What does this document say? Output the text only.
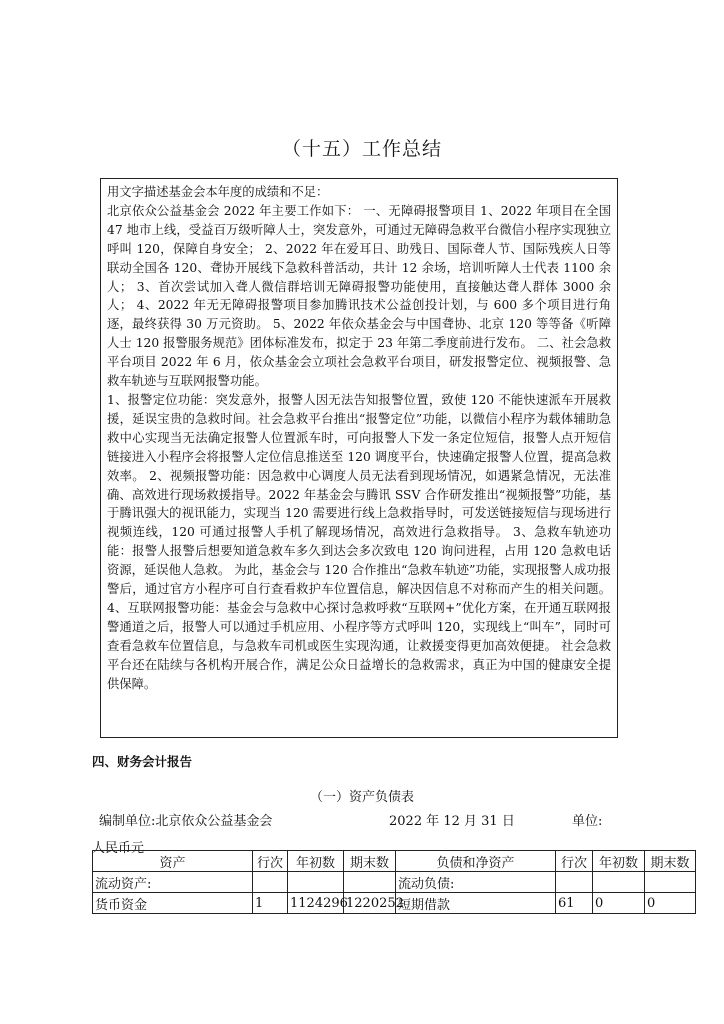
（十五）工作总结

用文字描述基金会本年度的成绩和不足：

北京依众公益基金会 2022 年主要工作如下： 一、无障碍报警项目 1、2022 年项目在全国 47 地市上线，受益百万级听障人士，突发意外，可通过无障碍急救平台微信小程序实现独立呼叫 120，保障自身安全； 2、2022 年在爱耳日、助残日、国际聋人节、国际残疾人日等联动全国各 120、聋协开展线下急救科普活动，共计 12 余场，培训听障人士代表 1100 余人； 3、首次尝试加入聋人微信群培训无障碍报警功能使用，直接触达聋人群体 3000 余人； 4、2022 年无无障碍报警项目参加腾讯技术公益创投计划，与 600 多个项目进行角逐，最终获得 30 万元资助。 5、2022 年依众基金会与中国聋协、北京 120 等等备《听障人士 120 报警服务规范》团体标准发布，拟定于 23 年第二季度前进行发布。 二、社会急救平台项目 2022 年 6 月，依众基金会立项社会急救平台项目，研发报警定位、视频报警、急救车轨迹与互联网报警功能。

1、报警定位功能：突发意外，报警人因无法告知报警位置，致使 120 不能快速派车开展救援，延误宝贵的急救时间。社会急救平台推出“报警定位”功能，以微信小程序为载体辅助急救中心实现当无法确定报警人位置派车时，可向报警人下发一条定位短信，报警人点开短信链接进入小程序会将报警人定位信息推送至 120 调度平台，快速确定报警人位置，提高急救效率。 2、视频报警功能：因急救中心调度人员无法看到现场情况，如遇紧急情况，无法准确、高效进行现场救援指导。2022 年基金会与腾讯 SSV 合作研发推出“视频报警”功能，基于腾讯强大的视讯能力，实现当 120 需要进行线上急救指导时，可发送链接短信与现场进行视频连线，120 可通过报警人手机了解现场情况，高效进行急救指导。 3、急救车轨迹功能：报警人报警后想要知道急救车多久到达会多次致电 120 询问进程，占用 120 急救电话资源，延误他人急救。 为此，基金会与 120 合作推出“急救车轨迹”功能，实现报警人成功报警后，通过官方小程序可自行查看救护车位置信息，解决因信息不对称而产生的相关问题。 4、互联网报警功能：基金会与急救中心探讨急救呼救“互联网+”优化方案，在开通互联网报警通道之后，报警人可以通过手机应用、小程序等方式呼叫 120，实现线上“叫车”，同时可查看急救车位置信息，与急救车司机或医生实现沟通，让救援变得更加高效便捷。 社会急救平台还在陆续与各机构开展合作，满足公众日益增长的急救需求，真正为中国的健康安全提供保障。

四、财务会计报告
（一）资产负债表
编制单位:北京依众公益基金会	2022 年 12 月 31 日	单位:
人民币元
资产	行次	年初数	期末数	负债和净资产	行次	年初数	期末数
流动资产:				流动负债:			
货币资金	1	1124296	1220252	短期借款	61	0	0
